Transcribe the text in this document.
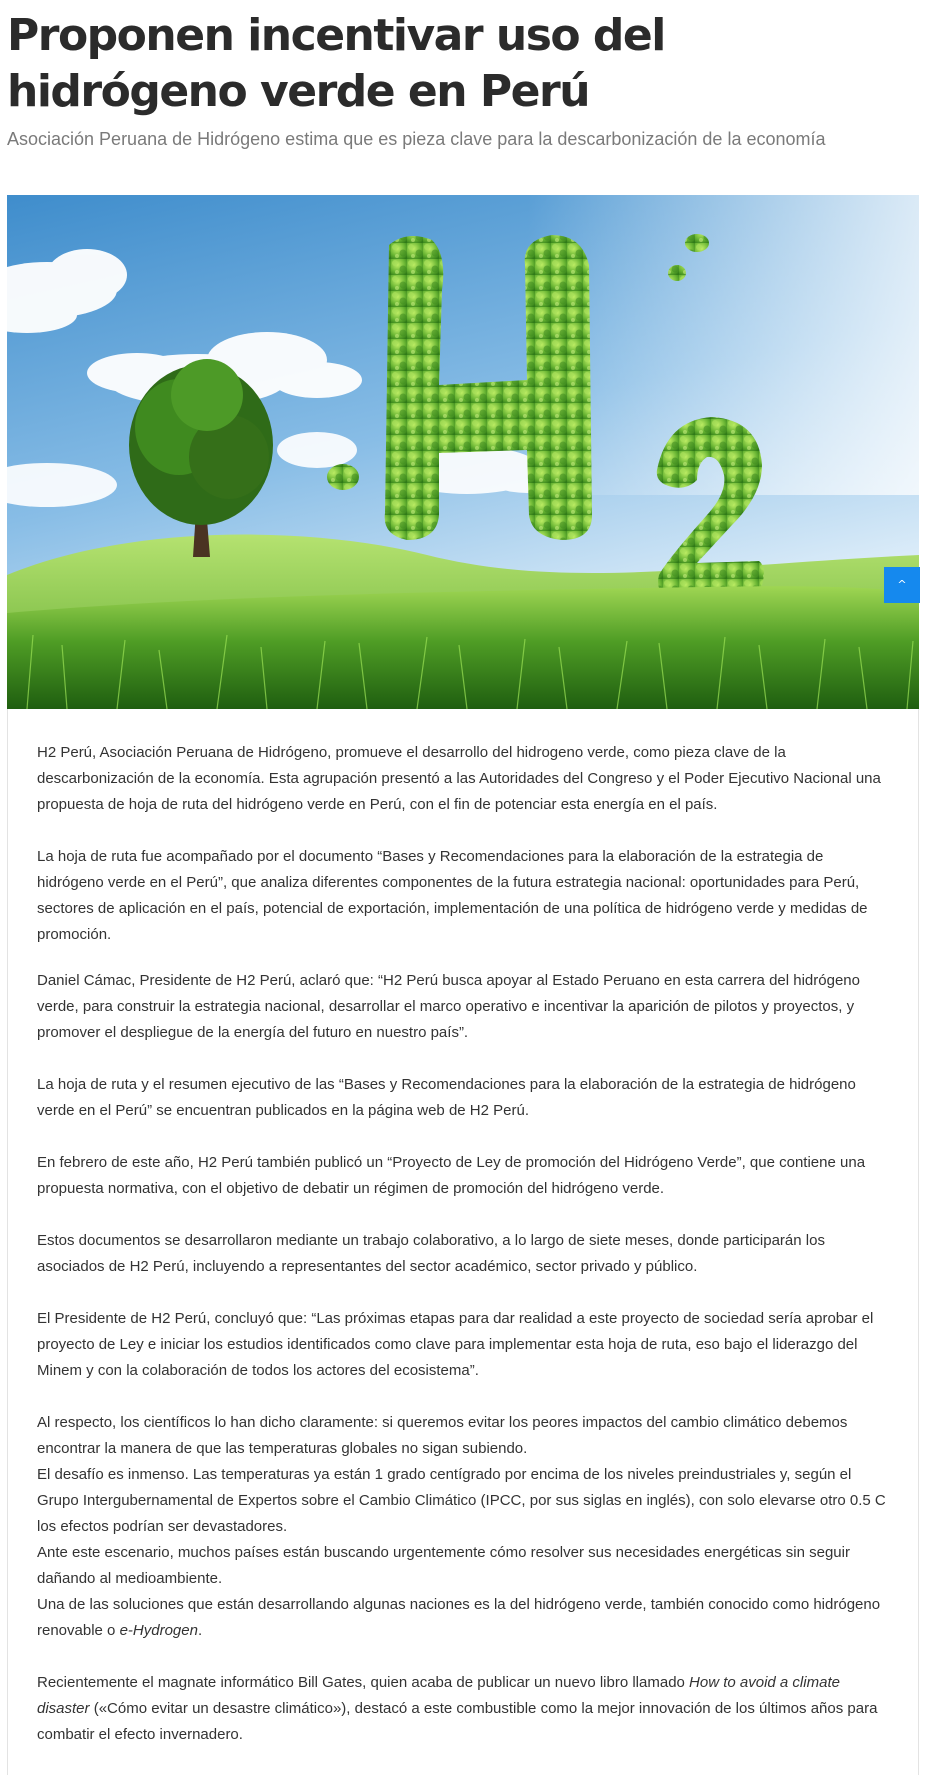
Proponen incentivar uso del hidrógeno verde en Perú

Asociación Peruana de Hidrógeno estima que es pieza clave para la descarbonización de la economía

H2 Perú, Asociación Peruana de Hidrógeno, promueve el desarrollo del hidrogeno verde, como pieza clave de la descarbonización de la economía. Esta agrupación presentó a las Autoridades del Congreso y el Poder Ejecutivo Nacional una propuesta de hoja de ruta del hidrógeno verde en Perú, con el fin de potenciar esta energía en el país.

La hoja de ruta fue acompañado por el documento “Bases y Recomendaciones para la elaboración de la estrategia de hidrógeno verde en el Perú”, que analiza diferentes componentes de la futura estrategia nacional: oportunidades para Perú, sectores de aplicación en el país, potencial de exportación, implementación de una política de hidrógeno verde y medidas de promoción.

Daniel Cámac, Presidente de H2 Perú, aclaró que: “H2 Perú busca apoyar al Estado Peruano en esta carrera del hidrógeno verde, para construir la estrategia nacional, desarrollar el marco operativo e incentivar la aparición de pilotos y proyectos, y promover el despliegue de la energía del futuro en nuestro país”.

La hoja de ruta y el resumen ejecutivo de las “Bases y Recomendaciones para la elaboración de la estrategia de hidrógeno verde en el Perú” se encuentran publicados en la página web de H2 Perú.

En febrero de este año, H2 Perú también publicó un “Proyecto de Ley de promoción del Hidrógeno Verde”, que contiene una propuesta normativa, con el objetivo de debatir un régimen de promoción del hidrógeno verde.

Estos documentos se desarrollaron mediante un trabajo colaborativo, a lo largo de siete meses, donde participarán los asociados de H2 Perú, incluyendo a representantes del sector académico, sector privado y público.

El Presidente de H2 Perú, concluyó que: “Las próximas etapas para dar realidad a este proyecto de sociedad sería aprobar el proyecto de Ley e iniciar los estudios identificados como clave para implementar esta hoja de ruta, eso bajo el liderazgo del Minem y con la colaboración de todos los actores del ecosistema”.

Al respecto, los científicos lo han dicho claramente: si queremos evitar los peores impactos del cambio climático debemos encontrar la manera de que las temperaturas globales no sigan subiendo.

El desafío es inmenso. Las temperaturas ya están 1 grado centígrado por encima de los niveles preindustriales y, según el Grupo Intergubernamental de Expertos sobre el Cambio Climático (IPCC, por sus siglas en inglés), con solo elevarse otro 0.5 C los efectos podrían ser devastadores.

Ante este escenario, muchos países están buscando urgentemente cómo resolver sus necesidades energéticas sin seguir dañando al medioambiente.

Una de las soluciones que están desarrollando algunas naciones es la del hidrógeno verde, también conocido como hidrógeno renovable o e-Hydrogen.

Recientemente el magnate informático Bill Gates, quien acaba de publicar un nuevo libro llamado How to avoid a climate disaster («Cómo evitar un desastre climático»), destacó a este combustible como la mejor innovación de los últimos años para combatir el efecto invernadero.

^
